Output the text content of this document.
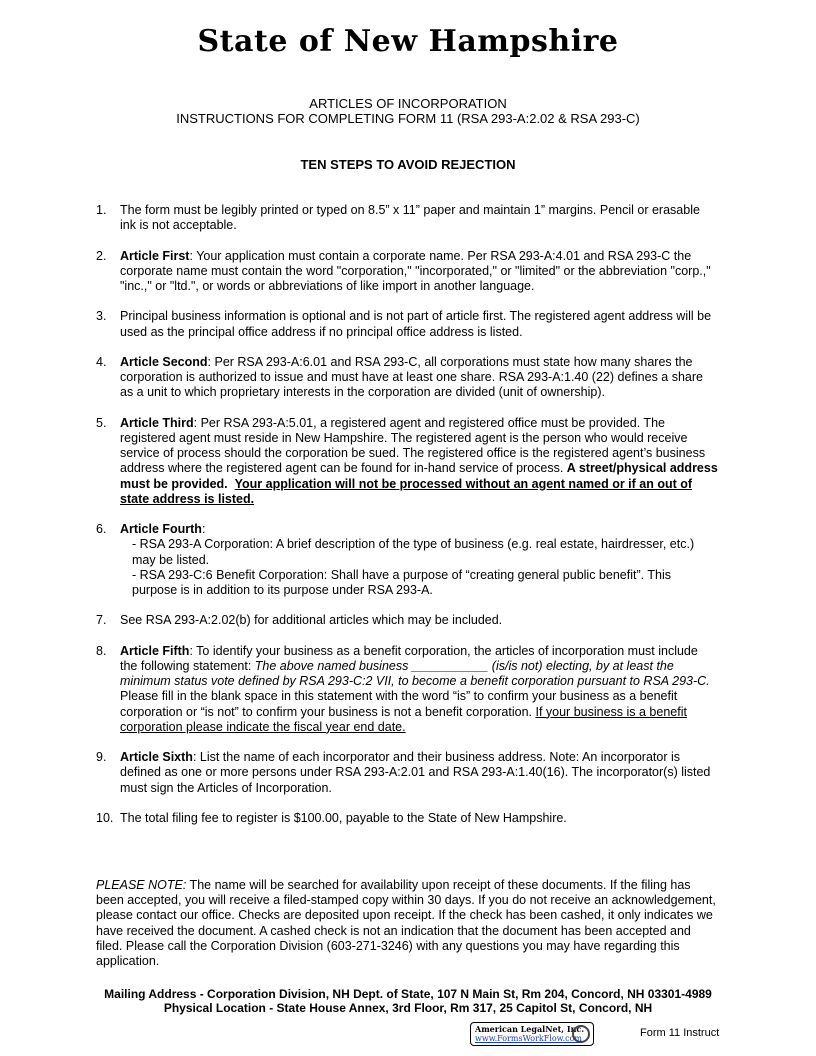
State of New Hampshire
ARTICLES OF INCORPORATION
INSTRUCTIONS FOR COMPLETING FORM 11 (RSA 293-A:2.02 & RSA 293-C)
TEN STEPS TO AVOID REJECTION
1. The form must be legibly printed or typed on 8.5” x 11” paper and maintain 1” margins. Pencil or erasable ink is not acceptable.
2. Article First: Your application must contain a corporate name. Per RSA 293-A:4.01 and RSA 293-C the corporate name must contain the word "corporation," "incorporated," or "limited" or the abbreviation "corp.," "inc.," or "ltd.", or words or abbreviations of like import in another language.
3. Principal business information is optional and is not part of article first. The registered agent address will be used as the principal office address if no principal office address is listed.
4. Article Second: Per RSA 293-A:6.01 and RSA 293-C, all corporations must state how many shares the corporation is authorized to issue and must have at least one share. RSA 293-A:1.40 (22) defines a share as a unit to which proprietary interests in the corporation are divided (unit of ownership).
5. Article Third: Per RSA 293-A:5.01, a registered agent and registered office must be provided. The registered agent must reside in New Hampshire. The registered agent is the person who would receive service of process should the corporation be sued. The registered office is the registered agent’s business address where the registered agent can be found for in-hand service of process. A street/physical address must be provided. Your application will not be processed without an agent named or if an out of state address is listed.
6. Article Fourth:
- RSA 293-A Corporation: A brief description of the type of business (e.g. real estate, hairdresser, etc.) may be listed.
- RSA 293-C:6 Benefit Corporation: Shall have a purpose of “creating general public benefit”. This purpose is in addition to its purpose under RSA 293-A.
7. See RSA 293-A:2.02(b) for additional articles which may be included.
8. Article Fifth: To identify your business as a benefit corporation, the articles of incorporation must include the following statement: The above named business ___________ (is/is not) electing, by at least the minimum status vote defined by RSA 293-C:2 VII, to become a benefit corporation pursuant to RSA 293-C. Please fill in the blank space in this statement with the word “is” to confirm your business as a benefit corporation or “is not” to confirm your business is not a benefit corporation. If your business is a benefit corporation please indicate the fiscal year end date.
9. Article Sixth: List the name of each incorporator and their business address. Note: An incorporator is defined as one or more persons under RSA 293-A:2.01 and RSA 293-A:1.40(16). The incorporator(s) listed must sign the Articles of Incorporation.
10. The total filing fee to register is $100.00, payable to the State of New Hampshire.
PLEASE NOTE: The name will be searched for availability upon receipt of these documents. If the filing has been accepted, you will receive a filed-stamped copy within 30 days. If you do not receive an acknowledgement, please contact our office. Checks are deposited upon receipt. If the check has been cashed, it only indicates we have received the document. A cashed check is not an indication that the document has been accepted and filed. Please call the Corporation Division (603-271-3246) with any questions you may have regarding this application.
Mailing Address - Corporation Division, NH Dept. of State, 107 N Main St, Rm 204, Concord, NH 03301-4989
Physical Location - State House Annex, 3rd Floor, Rm 317, 25 Capitol St, Concord, NH
American LegalNet, Inc.
www.FormsWorkFlow.com	Form 11 Instruct
